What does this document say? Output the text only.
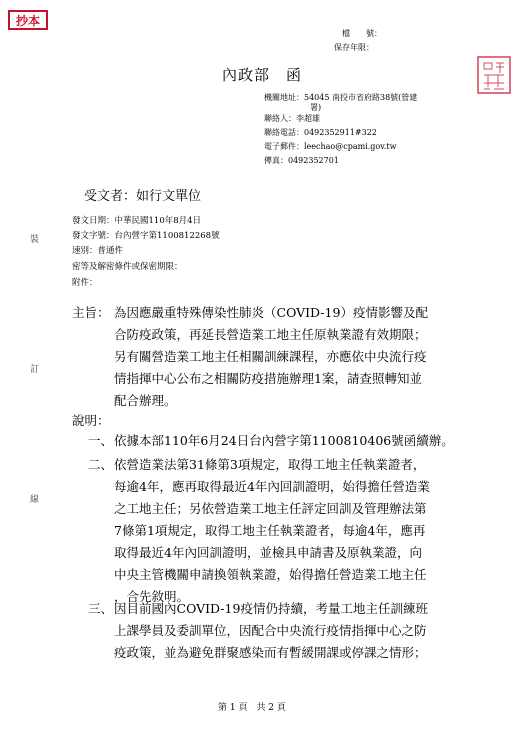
抄本
檔　　號：
保存年限：
內政部　函
機關地址：54045 南投市省府路38號(營建
署)
聯絡人：李超雄
聯絡電話：0492352911#322
電子郵件：leechao@cpami.gov.tw
傳真：0492352701
受文者：如行文單位
發文日期：中華民國110年8月4日
發文字號：台內營字第1100812268號
速別：普通件
密等及解密條件或保密期限：
附件：
裝
訂
線
主旨： 為因應嚴重特殊傳染性肺炎（COVID-19）疫情影響及配
合防疫政策，再延長營造業工地主任原執業證有效期限；
另有關營造業工地主任相關訓練課程，亦應依中央流行疫
情指揮中心公布之相關防疫措施辦理1案，請查照轉知並
配合辦理。
說明：
一、 依據本部110年6月24日台內營字第1100810406號函續辦。
二、 依營造業法第31條第3項規定，取得工地主任執業證者，
每逾4年，應再取得最近4年內回訓證明，始得擔任營造業
之工地主任；另依營造業工地主任評定回訓及管理辦法第
7條第1項規定，取得工地主任執業證者，每逾4年，應再
取得最近4年內回訓證明，並檢具申請書及原執業證，向
中央主管機關申請換領執業證，始得擔任營造業工地主任
，合先敘明。
三、 因目前國內COVID-19疫情仍持續，考量工地主任訓練班
上課學員及委訓單位，因配合中央流行疫情指揮中心之防
疫政策，並為避免群聚感染而有暫緩開課或停課之情形；
第 1 頁　共 2 頁
